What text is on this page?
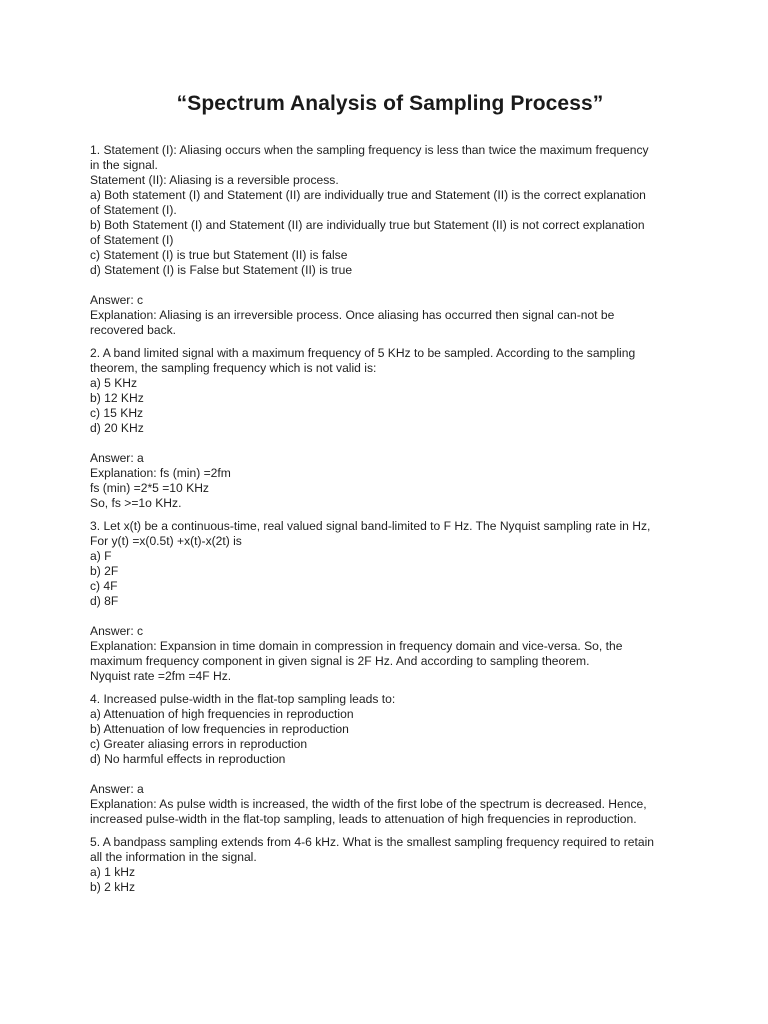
“Spectrum Analysis of Sampling Process”
1. Statement (I): Aliasing occurs when the sampling frequency is less than twice the maximum frequency
in the signal.
Statement (II): Aliasing is a reversible process.
a) Both statement (I) and Statement (II) are individually true and Statement (II) is the correct explanation
of Statement (I).
b) Both Statement (I) and Statement (II) are individually true but Statement (II) is not correct explanation
of Statement (I)
c) Statement (I) is true but Statement (II) is false
d) Statement (I) is False but Statement (II) is true
Answer: c
Explanation: Aliasing is an irreversible process. Once aliasing has occurred then signal can-not be
recovered back.
2. A band limited signal with a maximum frequency of 5 KHz to be sampled. According to the sampling
theorem, the sampling frequency which is not valid is:
a) 5 KHz
b) 12 KHz
c) 15 KHz
d) 20 KHz
Answer: a
Explanation: fs (min) =2fm
fs (min) =2*5 =10 KHz
So, fs >=1o KHz.
3. Let x(t) be a continuous-time, real valued signal band-limited to F Hz. The Nyquist sampling rate in Hz,
For y(t) =x(0.5t) +x(t)-x(2t) is
a) F
b) 2F
c) 4F
d) 8F
Answer: c
Explanation: Expansion in time domain in compression in frequency domain and vice-versa. So, the
maximum frequency component in given signal is 2F Hz. And according to sampling theorem.
Nyquist rate =2fm =4F Hz.
4. Increased pulse-width in the flat-top sampling leads to:
a) Attenuation of high frequencies in reproduction
b) Attenuation of low frequencies in reproduction
c) Greater aliasing errors in reproduction
d) No harmful effects in reproduction
Answer: a
Explanation: As pulse width is increased, the width of the first lobe of the spectrum is decreased. Hence,
increased pulse-width in the flat-top sampling, leads to attenuation of high frequencies in reproduction.
5. A bandpass sampling extends from 4-6 kHz. What is the smallest sampling frequency required to retain
all the information in the signal.
a) 1 kHz
b) 2 kHz
